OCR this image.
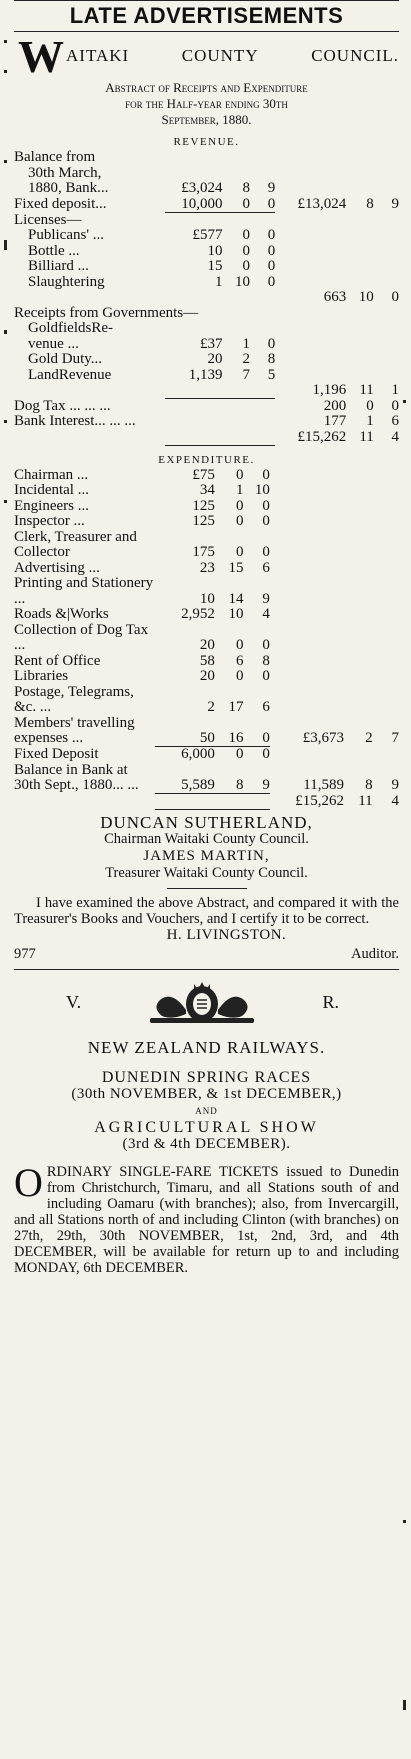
LATE ADVERTISEMENTS
W AITAKI	COUNTY	COUNCIL.
Abstract of Receipts and Expenditure
for the Half-year ending 30th
September, 1880.
REVENUE.
Balance from						
30th March,						
1880, Bank...	£3,024	8	9			
Fixed deposit...	10,000	0	0	£13,024	8	9
Licenses—						
Publicans' ...	£577	0	0			
Bottle ...	10	0	0			
Billiard ...	15	0	0			
Slaughtering	1	10	0			
				663	10	0
Receipts from Governments—						
GoldfieldsRe-						
venue ...	£37	1	0			
Gold Duty...	20	2	8			
LandRevenue	1,139	7	5			
				1,196	11	1
Dog Tax ... ... ...				200	0	0
Bank Interest... ... ...				177	1	6
				£15,262	11	4
EXPENDITURE.
Chairman ...	£75	0	0			
Incidental ...	34	1	10			
Engineers ...	125	0	0			
Inspector ...	125	0	0			
Clerk, Treasurer and Collector	175	0	0			
Advertising ...	23	15	6			
Printing and Stationery ...	10	14	9			
Roads &|Works	2,952	10	4			
Collection of Dog Tax ...	20	0	0			
Rent of Office	58	6	8			
Libraries	20	0	0			
Postage, Telegrams, &c. ...	2	17	6			
Members' travelling expenses ...	50	16	0	£3,673	2	7
Fixed Deposit	6,000	0	0			
Balance in Bank at 30th Sept., 1880... ...	5,589	8	9	11,589	8	9
				£15,262	11	4
DUNCAN SUTHERLAND,
Chairman Waitaki County Council.
JAMES MARTIN,
Treasurer Waitaki County Council.

I have examined the above Abstract, and compared it with the Treasurer's Books and Vouchers, and I certify it to be correct.

H. LIVINGSTON.
977	Auditor.
V.	R.
NEW ZEALAND RAILWAYS.
DUNEDIN SPRING RACES
(30th NOVEMBER, & 1st DECEMBER,)
AND
AGRICULTURAL SHOW
(3rd & 4th DECEMBER).
O RDINARY SINGLE-FARE TICKETS issued to Dunedin from Christchurch, Timaru, and all Stations south of and including Oamaru (with branches); also, from Invercargill, and all Stations north of and including Clinton (with branches) on 27th, 29th, 30th NOVEMBER, 1st, 2nd, 3rd, and 4th DECEMBER, will be available for return up to and including MONDAY, 6th DECEMBER.
